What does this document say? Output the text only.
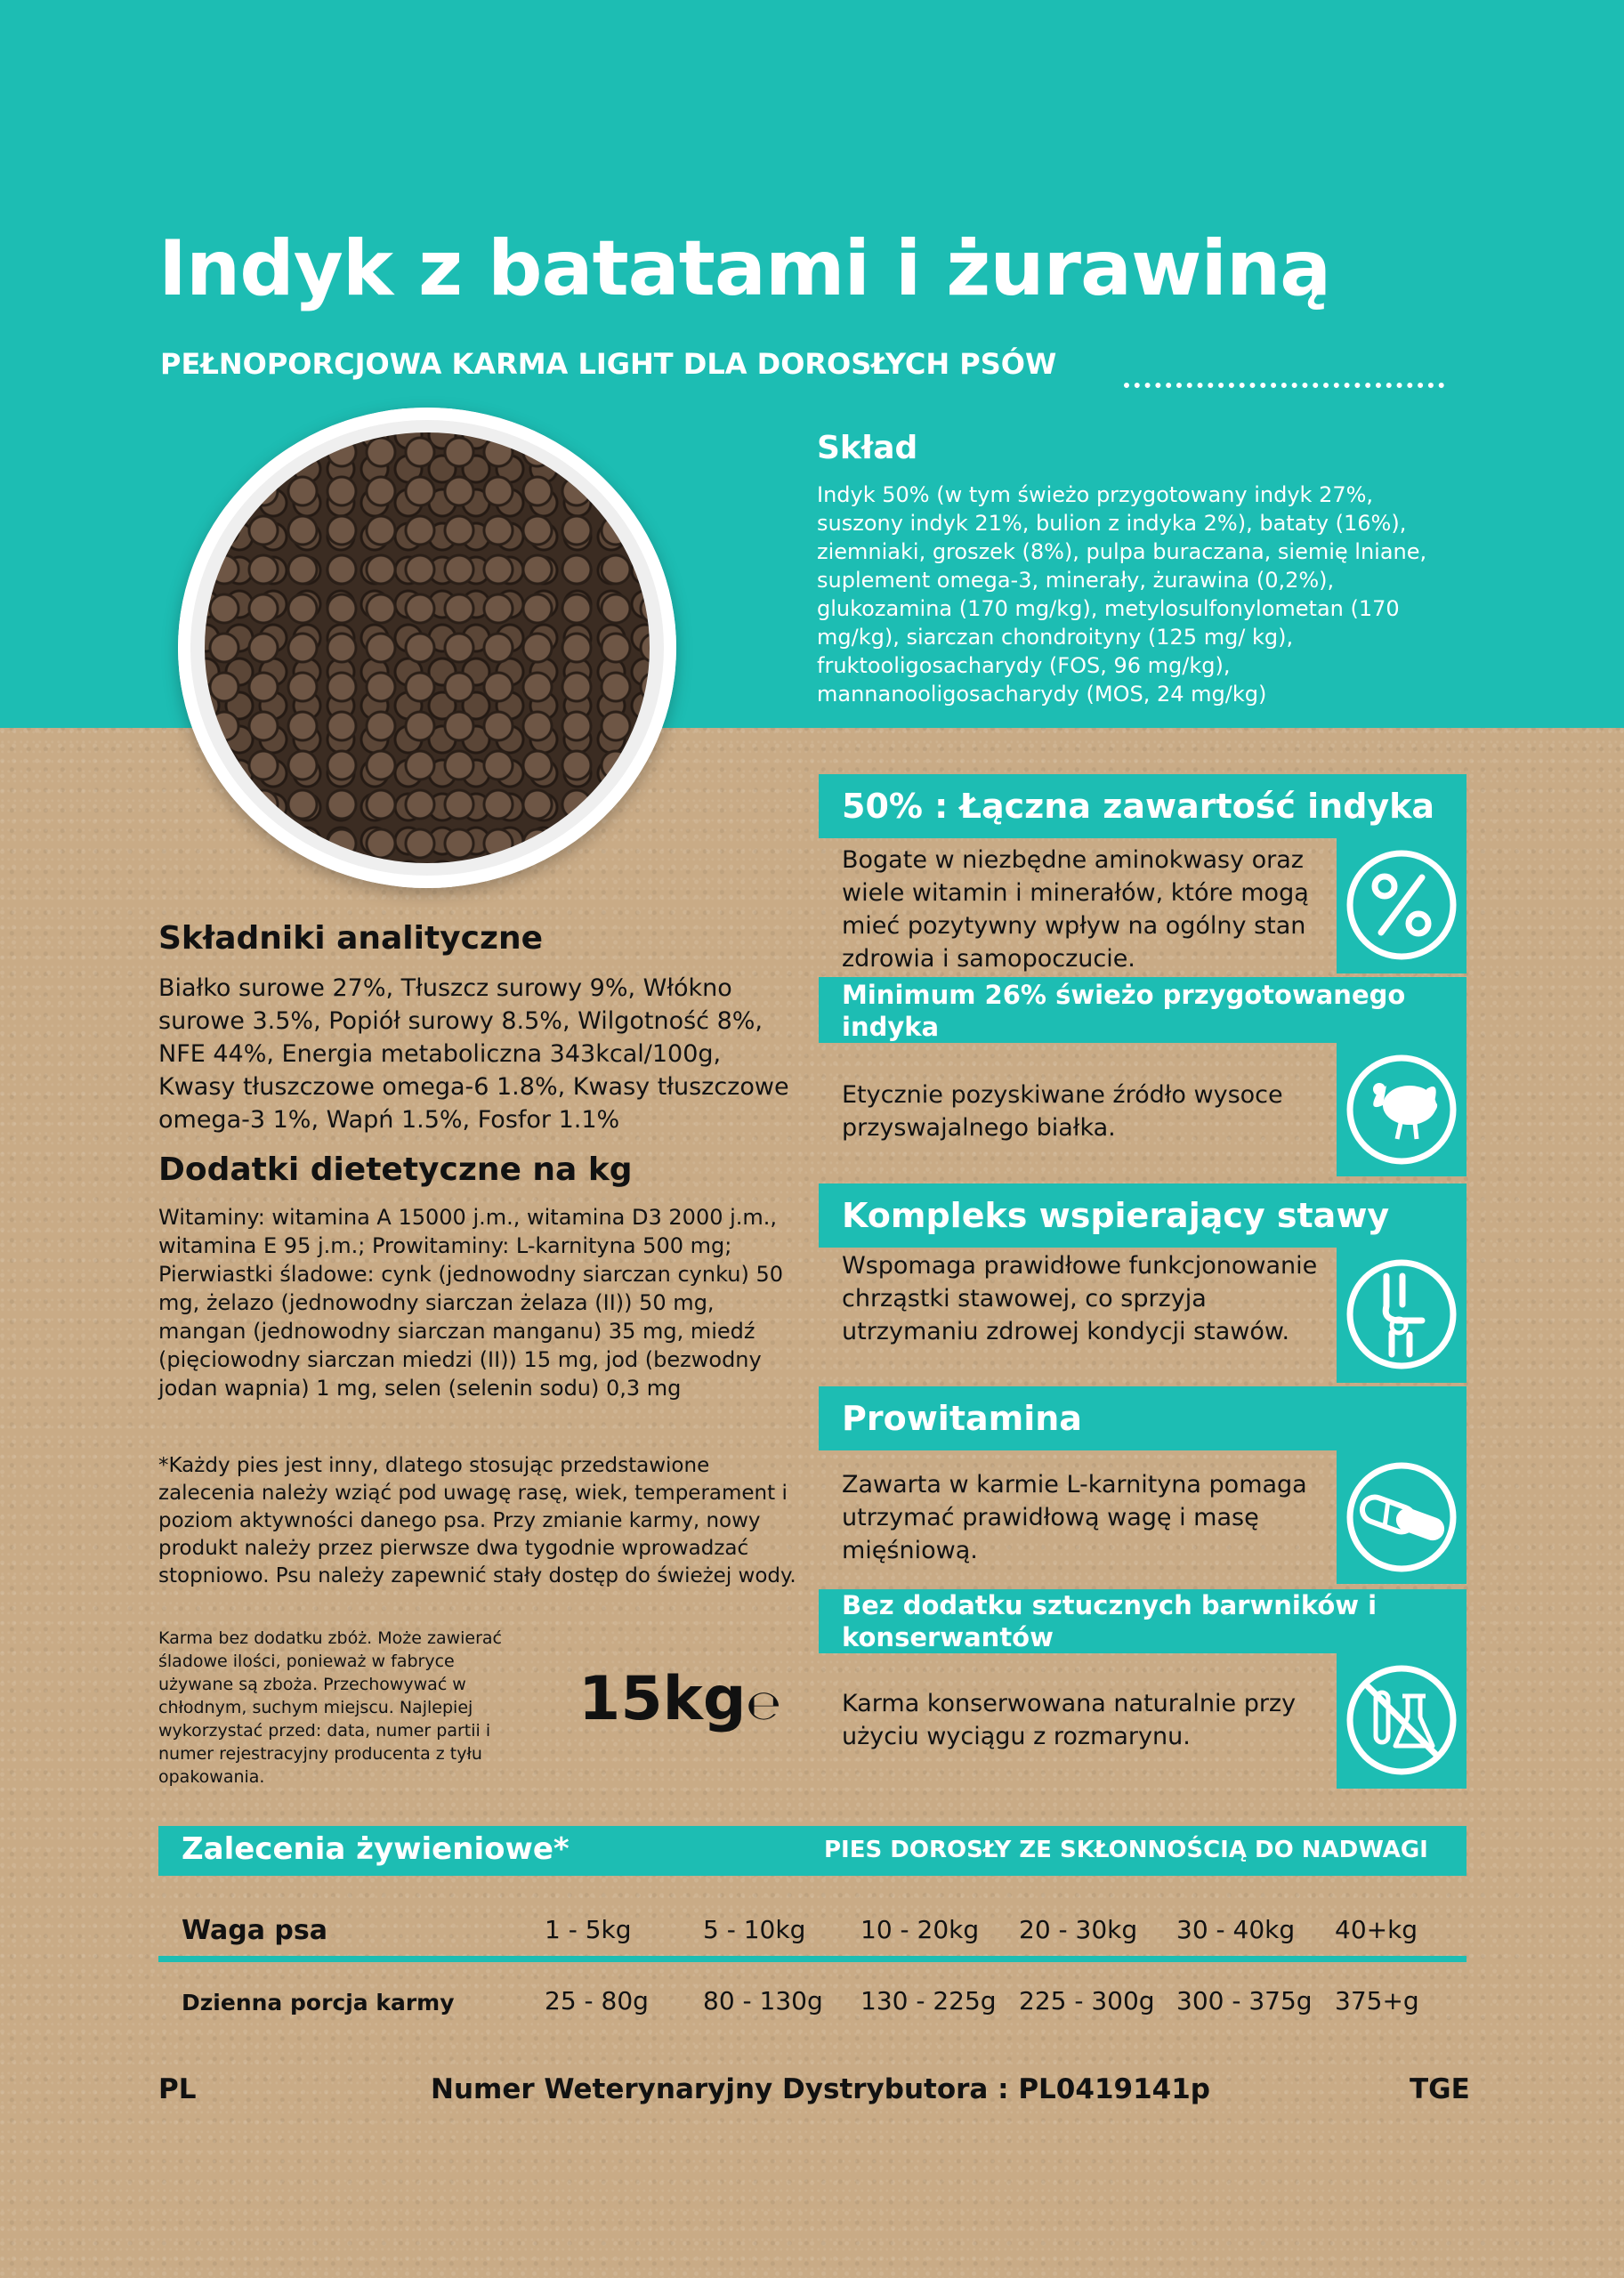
Indyk z batatami i żurawiną
PEŁNOPORCJOWA KARMA LIGHT DLA DOROSŁYCH PSÓW
Skład
Indyk 50% (w tym świeżo przygotowany indyk 27%, suszony indyk 21%, bulion z indyka 2%), bataty (16%), ziemniaki, groszek (8%), pulpa buraczana, siemię lniane, suplement omega-3, minerały, żurawina (0,2%), glukozamina (170 mg/kg), metylosulfonylometan (170 mg/kg), siarczan chondroityny (125 mg/ kg), fruktooligosacharydy (FOS, 96 mg/kg), mannanooligosacharydy (MOS, 24 mg/kg)
Składniki analityczne
Białko surowe 27%, Tłuszcz surowy 9%, Włókno surowe 3.5%, Popiół surowy 8.5%, Wilgotność 8%, NFE 44%, Energia metaboliczna 343kcal/100g, Kwasy tłuszczowe omega-6 1.8%, Kwasy tłuszczowe omega-3 1%, Wapń 1.5%, Fosfor 1.1%
Dodatki dietetyczne na kg
Witaminy: witamina A 15000 j.m., witamina D3 2000 j.m., witamina E 95 j.m.; Prowitaminy: L-karnityna 500 mg; Pierwiastki śladowe: cynk (jednowodny siarczan cynku) 50 mg, żelazo (jednowodny siarczan żelaza (II)) 50 mg, mangan (jednowodny siarczan manganu) 35 mg, miedź (pięciowodny siarczan miedzi (II)) 15 mg, jod (bezwodny jodan wapnia) 1 mg, selen (selenin sodu) 0,3 mg
*Każdy pies jest inny, dlatego stosując przedstawione zalecenia należy wziąć pod uwagę rasę, wiek, temperament i poziom aktywności danego psa. Przy zmianie karmy, nowy produkt należy przez pierwsze dwa tygodnie wprowadzać stopniowo. Psu należy zapewnić stały dostęp do świeżej wody.
Karma bez dodatku zbóż. Może zawierać śladowe ilości, ponieważ w fabryce używane są zboża. Przechowywać w chłodnym, suchym miejscu. Najlepiej wykorzystać przed: data, numer partii i numer rejestracyjny producenta z tyłu opakowania.
15kg℮
50% : Łączna zawartość indyka
Bogate w niezbędne aminokwasy oraz wiele witamin i minerałów, które mogą mieć pozytywny wpływ na ogólny stan zdrowia i samopoczucie.
Minimum 26% świeżo przygotowanego indyka
Etycznie pozyskiwane źródło wysoce przyswajalnego białka.
Kompleks wspierający stawy
Wspomaga prawidłowe funkcjonowanie chrząstki stawowej, co sprzyja utrzymaniu zdrowej kondycji stawów.
Prowitamina
Zawarta w karmie L-karnityna pomaga utrzymać prawidłową wagę i masę mięśniową.
Bez dodatku sztucznych barwników i konserwantów
Karma konserwowana naturalnie przy użyciu wyciągu z rozmarynu.
Zalecenia żywieniowe*	PIES DOROSŁY ZE SKŁONNOŚCIĄ DO NADWAGI
Waga psa	1 - 5kg	5 - 10kg 10 - 20kg 20 - 30kg 30 - 40kg 40+kg
Dzienna porcja karmy	25 - 80g 80 - 130g 130 - 225g 225 - 300g 300 - 375g 375+g
PL	Numer Weterynaryjny Dystrybutora : PL0419141p	TGE
